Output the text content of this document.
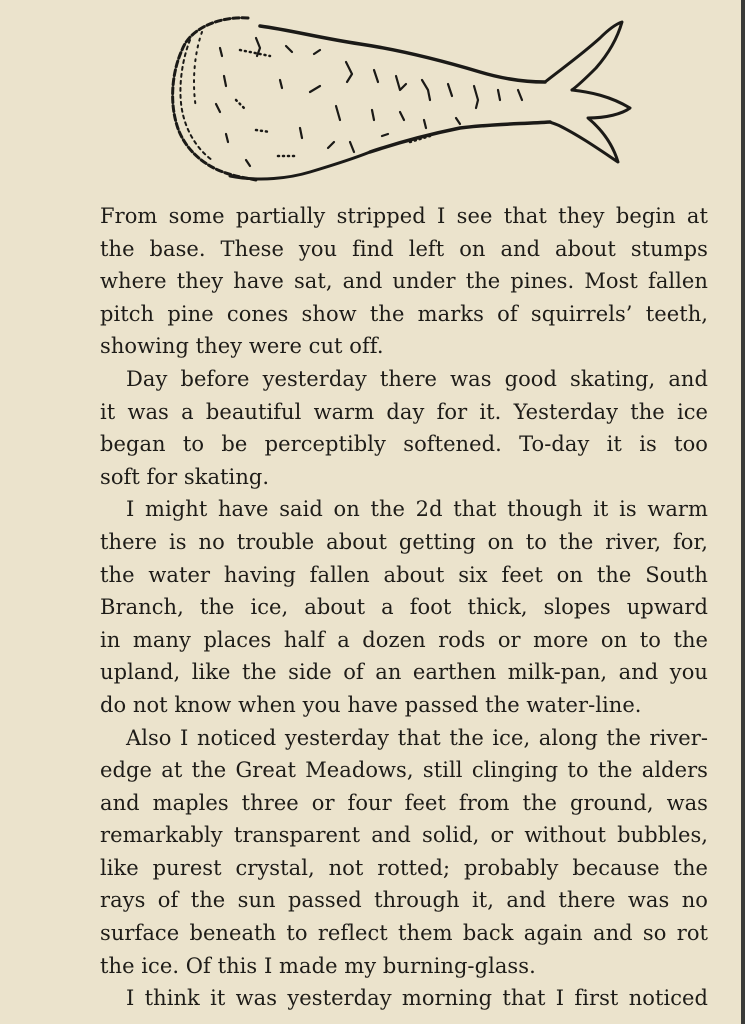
From some partially stripped I see that they begin at
the base. These you find left on and about stumps
where they have sat, and under the pines. Most fallen
pitch pine cones show the marks of squirrels’ teeth,
showing they were cut off.
Day before yesterday there was good skating, and
it was a beautiful warm day for it. Yesterday the ice
began to be perceptibly softened. To-day it is too
soft for skating.
I might have said on the 2d that though it is warm
there is no trouble about getting on to the river, for,
the water having fallen about six feet on the South
Branch, the ice, about a foot thick, slopes upward
in many places half a dozen rods or more on to the
upland, like the side of an earthen milk-pan, and you
do not know when you have passed the water-line.
Also I noticed yesterday that the ice, along the river-
edge at the Great Meadows, still clinging to the alders
and maples three or four feet from the ground, was
remarkably transparent and solid, or without bubbles,
like purest crystal, not rotted; probably because the
rays of the sun passed through it, and there was no
surface beneath to reflect them back again and so rot
the ice. Of this I made my burning-glass.
I think it was yesterday morning that I first noticed
